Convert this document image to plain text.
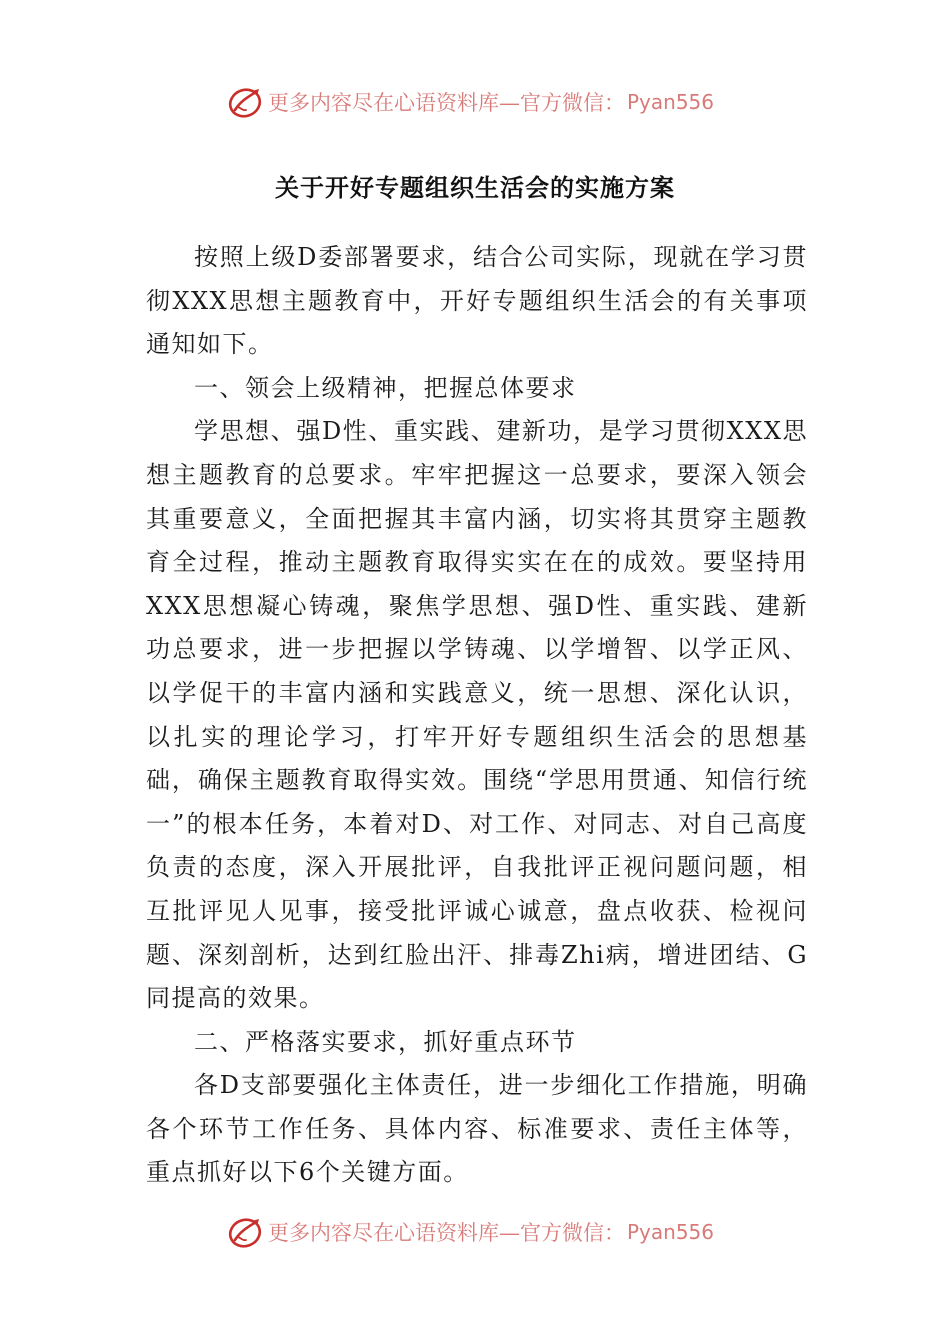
更多内容尽在心语资料库—官方微信： Pyan556
关于开好专题组织生活会的实施方案

按照上级D委部署要求，结合公司实际，现就在学习贯彻XXX思想主题教育中，开好专题组织生活会的有关事项通知如下。

一、领会上级精神，把握总体要求

学思想、强D性、重实践、建新功，是学习贯彻XXX思想主题教育的总要求。牢牢把握这一总要求，要深入领会其重要意义，全面把握其丰富内涵，切实将其贯穿主题教育全过程，推动主题教育取得实实在在的成效。要坚持用XXX思想凝心铸魂，聚焦学思想、强D性、重实践、建新功总要求，进一步把握以学铸魂、以学增智、以学正风、以学促干的丰富内涵和实践意义，统一思想、深化认识，以扎实的理论学习，打牢开好专题组织生活会的思想基础，确保主题教育取得实效。围绕“学思用贯通、知信行统一”的根本任务，本着对D、对工作、对同志、对自己高度负责的态度，深入开展批评，自我批评正视问题问题，相互批评见人见事，接受批评诚心诚意，盘点收获、检视问题、深刻剖析，达到红脸出汗、排毒Zhi病，增进团结、G同提高的效果。

二、严格落实要求，抓好重点环节

各D支部要强化主体责任，进一步细化工作措施，明确各个环节工作任务、具体内容、标准要求、责任主体等，重点抓好以下6个关键方面。

更多内容尽在心语资料库—官方微信： Pyan556
